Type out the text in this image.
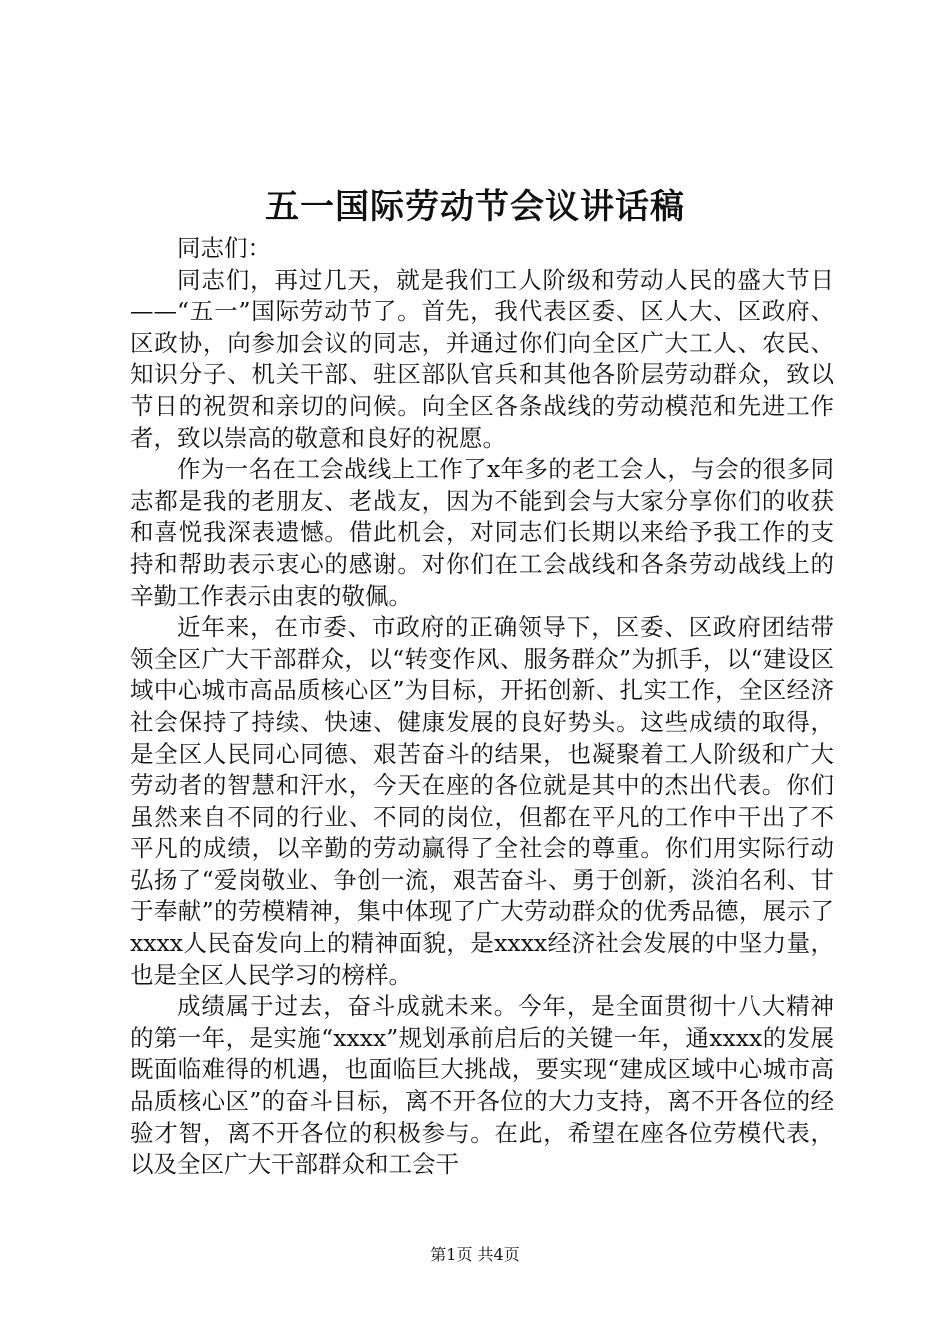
五一国际劳动节会议讲话稿

同志们：

同志们，再过几天，就是我们工人阶级和劳动人民的盛大节日——“五一”国际劳动节了。首先，我代表区委、区人大、区政府、区政协，向参加会议的同志，并通过你们向全区广大工人、农民、知识分子、机关干部、驻区部队官兵和其他各阶层劳动群众，致以节日的祝贺和亲切的问候。向全区各条战线的劳动模范和先进工作者，致以崇高的敬意和良好的祝愿。

作为一名在工会战线上工作了x年多的老工会人，与会的很多同志都是我的老朋友、老战友，因为不能到会与大家分享你们的收获和喜悦我深表遗憾。借此机会，对同志们长期以来给予我工作的支持和帮助表示衷心的感谢。对你们在工会战线和各条劳动战线上的辛勤工作表示由衷的敬佩。

近年来，在市委、市政府的正确领导下，区委、区政府团结带领全区广大干部群众，以“转变作风、服务群众”为抓手，以“建设区域中心城市高品质核心区”为目标，开拓创新、扎实工作，全区经济社会保持了持续、快速、健康发展的良好势头。这些成绩的取得，是全区人民同心同德、艰苦奋斗的结果，也凝聚着工人阶级和广大劳动者的智慧和汗水，今天在座的各位就是其中的杰出代表。你们虽然来自不同的行业、不同的岗位，但都在平凡的工作中干出了不平凡的成绩，以辛勤的劳动赢得了全社会的尊重。你们用实际行动弘扬了“爱岗敬业、争创一流，艰苦奋斗、勇于创新，淡泊名利、甘于奉献”的劳模精神，集中体现了广大劳动群众的优秀品德，展示了xxxx人民奋发向上的精神面貌，是xxxx经济社会发展的中坚力量，也是全区人民学习的榜样。

成绩属于过去，奋斗成就未来。今年，是全面贯彻十八大精神的第一年，是实施“xxxx”规划承前启后的关键一年，通xxxx的发展既面临难得的机遇，也面临巨大挑战，要实现“建成区域中心城市高品质核心区”的奋斗目标，离不开各位的大力支持，离不开各位的经验才智，离不开各位的积极参与。在此，希望在座各位劳模代表，以及全区广大干部群众和工会干

第1页 共4页
